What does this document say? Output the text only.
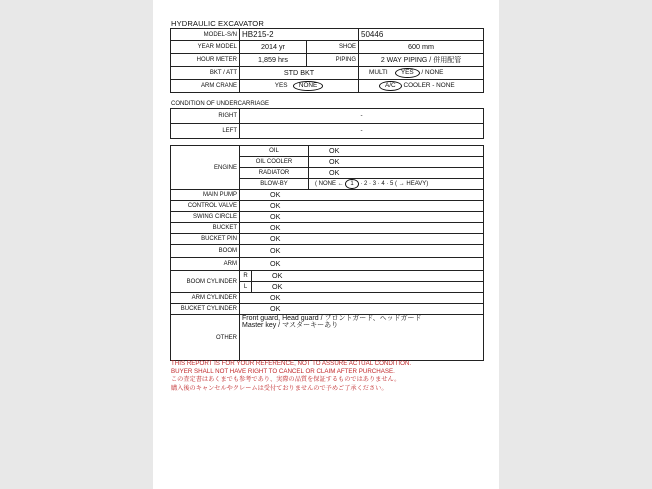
HYDRAULIC EXCAVATOR
MODEL-S/N	HB215-2		50446
YEAR MODEL	2014 yr	SHOE	600 mm
HOUR METER	1,859 hrs	PIPING	2 WAY PIPING / 併用配管
BKT / ATT	STD BKT		MULTI YES / NONE
ARM CRANE	YES NONE		A/C COOLER - NONE
CONDITION OF UNDERCARRIAGE
RIGHT	-
LEFT	-
ENGINE	OIL		OK
	OIL COOLER		OK
	RADIATOR		OK
	BLOW-BY		( NONE ← 1 · 2 · 3 · 4 · 5 ( → HEAVY)
MAIN PUMP	OK		
CONTROL VALVE	OK		
SWING CIRCLE	OK		
BUCKET	OK		
BUCKET PIN	OK		
BOOM	OK		
ARM	OK		
BOOM CYLINDER	R	OK	
	L	OK	
ARM CYLINDER	OK		
BUCKET CYLINDER	OK		
OTHER	Front guard, Head guard / フロントガード、ヘッドガード
Master key / マスターキーあり		
THIS REPORT IS FOR YOUR REFERENCE, NOT TO ASSURE ACTUAL CONDITION.
BUYER SHALL NOT HAVE RIGHT TO CANCEL OR CLAIM AFTER PURCHASE.
この査定書はあくまでも参考であり、実際の品質を保証するものではありません。
購入後のキャンセルやクレームは受付ておりませんので予めご了承ください。
